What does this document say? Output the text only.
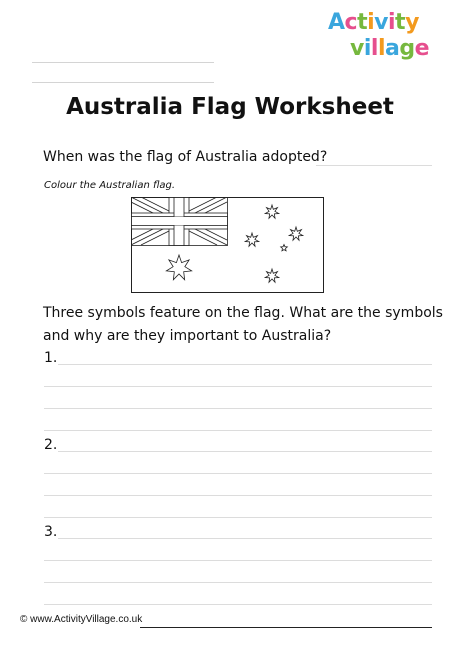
Activity
village
Australia Flag Worksheet
When was the flag of Australia adopted?
Colour the Australian flag.
Three symbols feature on the flag. What are the symbols
and why are they important to Australia?
1.
2.
3.
© www.ActivityVillage.co.uk
